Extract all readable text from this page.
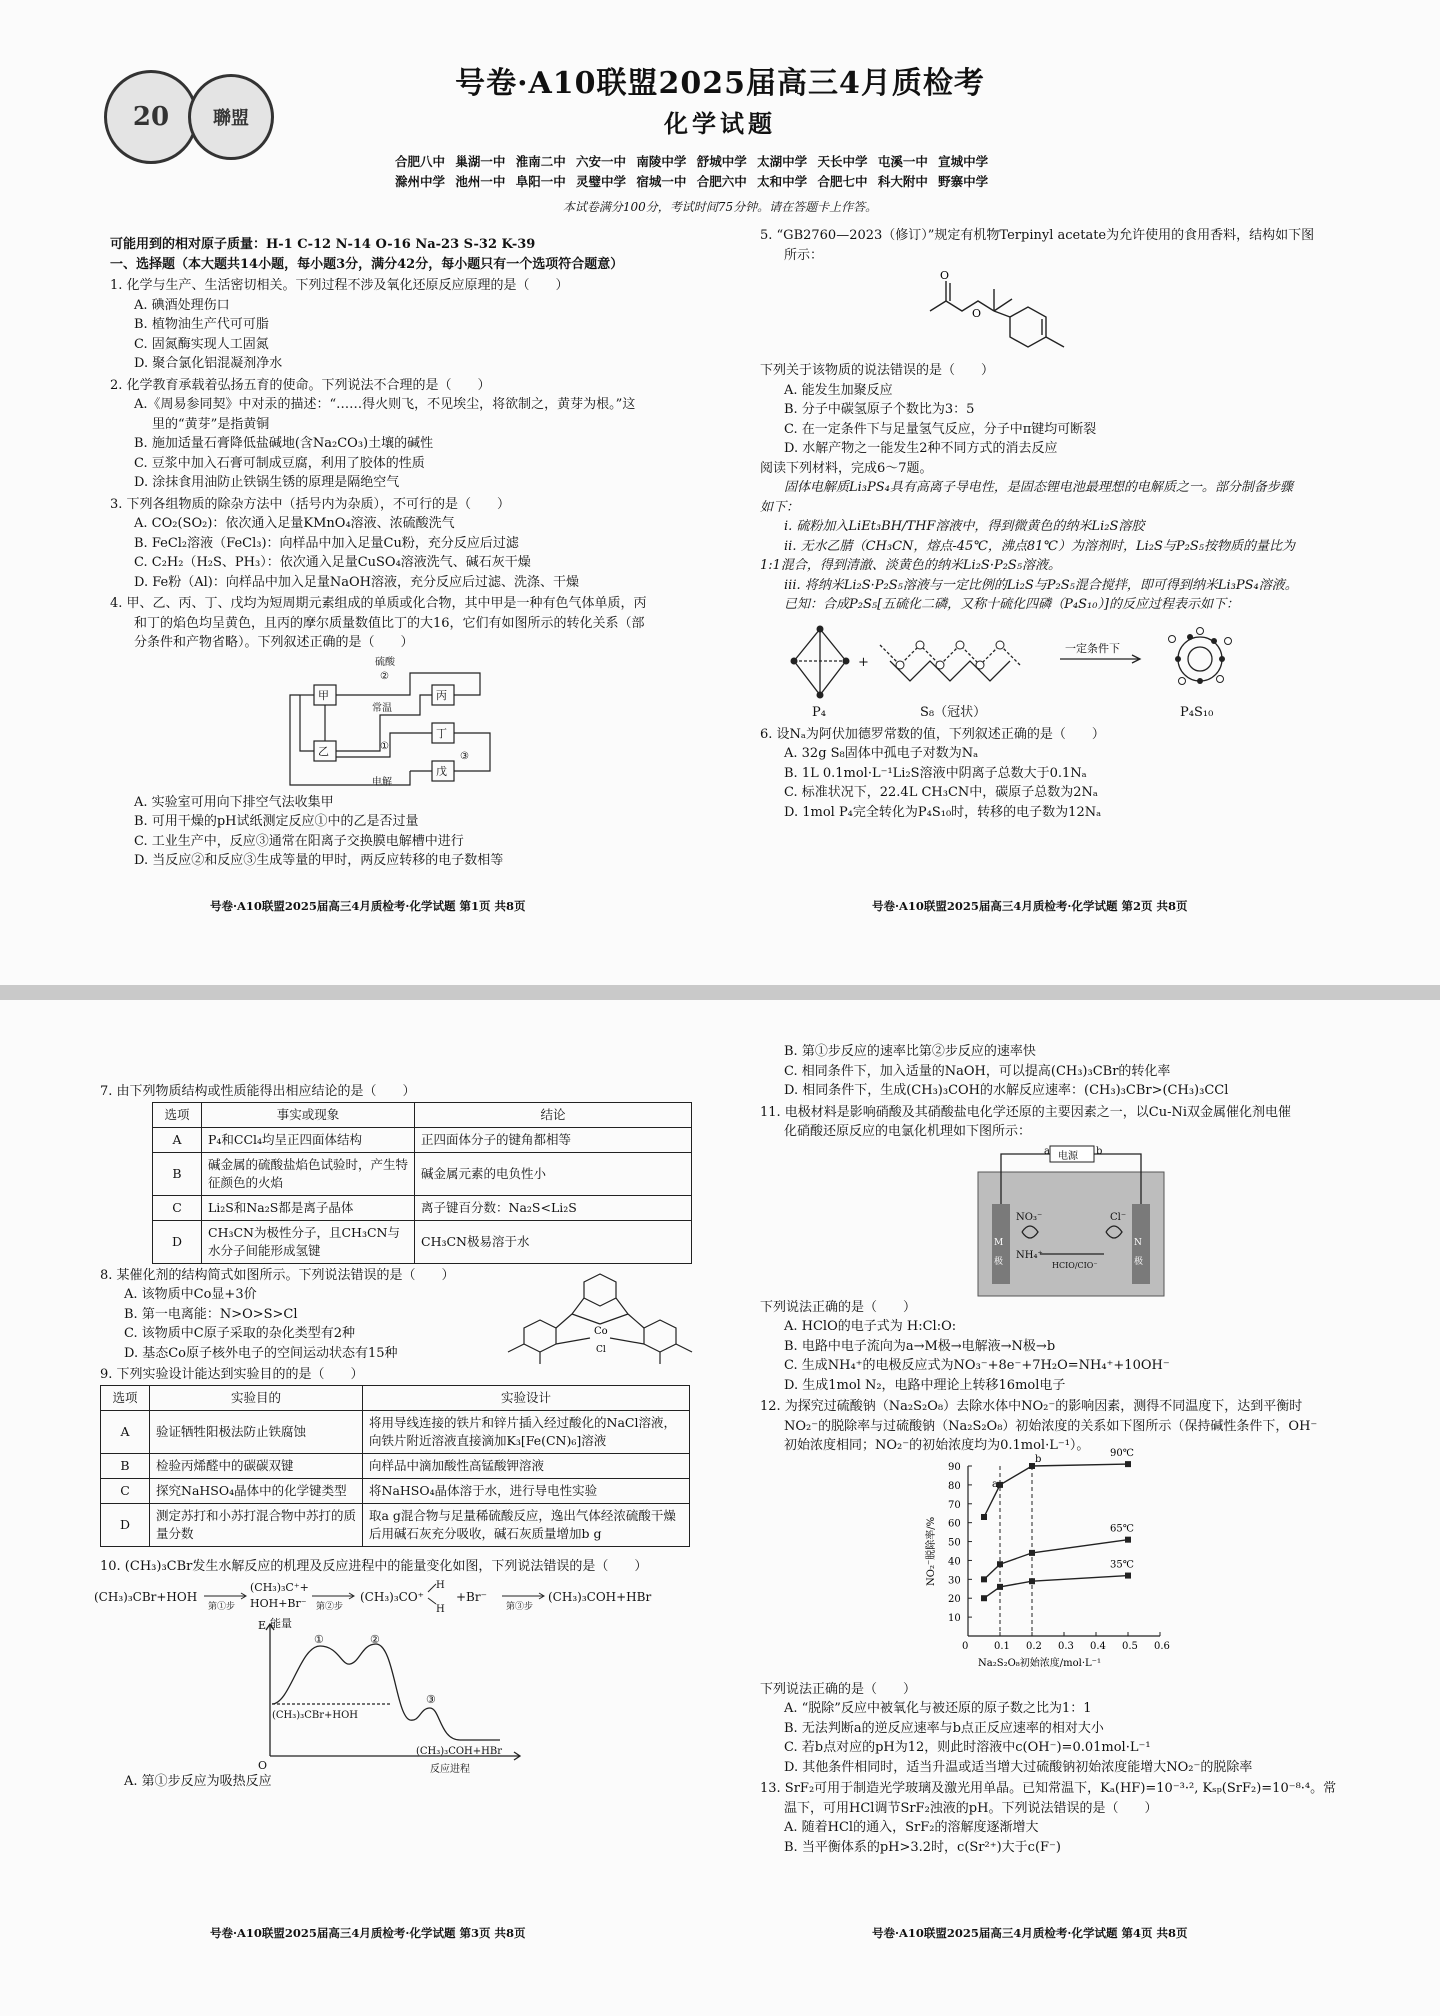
20 聯盟
号卷·A10联盟2025届高三4月质检考
化学试题
合肥八中 巢湖一中 淮南二中 六安一中 南陵中学 舒城中学 太湖中学 天长中学 屯溪一中 宣城中学
滁州中学 池州一中 阜阳一中 灵璧中学 宿城一中 合肥六中 太和中学 合肥七中 科大附中 野寨中学
本试卷满分100分，考试时间75分钟。请在答题卡上作答。

可能用到的相对原子质量：H-1 C-12 N-14 O-16 Na-23 S-32 K-39

一、选择题（本大题共14小题，每小题3分，满分42分，每小题只有一个选项符合题意）

1. 化学与生产、生活密切相关。下列过程不涉及氧化还原反应原理的是（　　）

A. 碘酒处理伤口

B. 植物油生产代可可脂

C. 固氮酶实现人工固氮

D. 聚合氯化铝混凝剂净水

2. 化学教育承载着弘扬五育的使命。下列说法不合理的是（　　）

A.《周易参同契》中对汞的描述：“……得火则飞，不见埃尘，将欲制之，黄芽为根。”这

里的“黄芽”是指黄铜

B. 施加适量石膏降低盐碱地(含Na₂CO₃)土壤的碱性

C. 豆浆中加入石膏可制成豆腐，利用了胶体的性质

D. 涂抹食用油防止铁锅生锈的原理是隔绝空气

3. 下列各组物质的除杂方法中（括号内为杂质），不可行的是（　　）

A. CO₂(SO₂)：依次通入足量KMnO₄溶液、浓硫酸洗气

B. FeCl₂溶液（FeCl₃)：向样品中加入足量Cu粉，充分反应后过滤

C. C₂H₂（H₂S、PH₃）：依次通入足量CuSO₄溶液洗气、碱石灰干燥

D. Fe粉（Al)：向样品中加入足量NaOH溶液，充分反应后过滤、洗涤、干燥

4. 甲、乙、丙、丁、戊均为短周期元素组成的单质或化合物，其中甲是一种有色气体单质，丙

和丁的焰色均呈黄色，且丙的摩尔质量数值比丁的大16，它们有如图所示的转化关系（部

分条件和产物省略）。下列叙述正确的是（　　）

甲
乙
丙
丁
戊
硫酸
②
常温
①
电解
③

A. 实验室可用向下排空气法收集甲

B. 可用干燥的pH试纸测定反应①中的乙是否过量

C. 工业生产中，反应③通常在阳离子交换膜电解槽中进行

D. 当反应②和反应③生成等量的甲时，两反应转移的电子数相等

5. “GB2760—2023（修订）”规定有机物Terpinyl acetate为允许使用的食用香料，结构如下图

所示：

O
O

下列关于该物质的说法错误的是（　　）

A. 能发生加聚反应

B. 分子中碳氢原子个数比为3：5

C. 在一定条件下与足量氢气反应，分子中π键均可断裂

D. 水解产物之一能发生2种不同方式的消去反应

阅读下列材料，完成6～7题。

固体电解质Li₃PS₄具有高离子导电性，是固态锂电池最理想的电解质之一。部分制备步骤

如下：

i. 硫粉加入LiEt₃BH/THF溶液中，得到微黄色的纳米Li₂S溶胶

ii. 无水乙腈（CH₃CN，熔点-45℃，沸点81℃）为溶剂时，Li₂S与P₂S₅按物质的量比为

1:1混合，得到清澈、淡黄色的纳米Li₂S·P₂S₅溶液。

iii. 将纳米Li₂S·P₂S₅溶液与一定比例的Li₂S与P₂S₅混合搅拌，即可得到纳米Li₃PS₄溶液。

已知：合成P₂S₅[五硫化二磷，又称十硫化四磷（P₄S₁₀）]的反应过程表示如下：

P₄
+
S₈（冠状）
一定条件下
P₄S₁₀

6. 设Nₐ为阿伏加德罗常数的值，下列叙述正确的是（　　）

A. 32g S₈固体中孤电子对数为Nₐ

B. 1L 0.1mol·L⁻¹Li₂S溶液中阴离子总数大于0.1Nₐ

C. 标准状况下，22.4L CH₃CN中，碳原子总数为2Nₐ

D. 1mol P₄完全转化为P₄S₁₀时，转移的电子数为12Nₐ

号卷·A10联盟2025届高三4月质检考·化学试题 第1页 共8页	号卷·A10联盟2025届高三4月质检考·化学试题 第2页 共8页

7. 由下列物质结构或性质能得出相应结论的是（　　）

选项	事实或现象	结论
A	P₄和CCl₄均呈正四面体结构	正四面体分子的键角都相等
B	碱金属的硫酸盐焰色试验时，产生特征颜色的火焰	碱金属元素的电负性小
C	Li₂S和Na₂S都是离子晶体	离子键百分数：Na₂S<Li₂S
D	CH₃CN为极性分子，且CH₃CN与水分子间能形成氢键	CH₃CN极易溶于水

8. 某催化剂的结构简式如图所示。下列说法错误的是（　　）

A. 该物质中Co显+3价

B. 第一电离能：N>O>S>Cl

C. 该物质中C原子采取的杂化类型有2种

D. 基态Co原子核外电子的空间运动状态有15种

Co
Cl

9. 下列实验设计能达到实验目的的是（　　）

选项	实验目的	实验设计
A	验证牺牲阳极法防止铁腐蚀	将用导线连接的铁片和锌片插入经过酸化的NaCl溶液，向铁片附近溶液直接滴加K₃[Fe(CN)₆]溶液
B	检验丙烯醛中的碳碳双键	向样品中滴加酸性高锰酸钾溶液
C	探究NaHSO₄晶体中的化学键类型	将NaHSO₄晶体溶于水，进行导电性实验
D	测定苏打和小苏打混合物中苏打的质量分数	取a g混合物与足量稀硫酸反应，逸出气体经浓硫酸干燥后用碱石灰充分吸收，碱石灰质量增加b g

10. (CH₃)₃CBr发生水解反应的机理及反应进程中的能量变化如图，下列说法错误的是（　　）

(CH₃)₃CBr+HOH
第①步
(CH₃)₃C⁺+
HOH+Br⁻ 第②步
(CH₃)₃CO⁺
H
H
+Br⁻
第③步
(CH₃)₃COH+HBr
E 能量
O
①	②
③
(CH₃)₃CBr+HOH
(CH₃)₃COH+HBr
反应进程

A. 第①步反应为吸热反应

B. 第①步反应的速率比第②步反应的速率快

C. 相同条件下，加入适量的NaOH，可以提高(CH₃)₃CBr的转化率

D. 相同条件下，生成(CH₃)₃COH的水解反应速率：(CH₃)₃CBr>(CH₃)₃CCl

11. 电极材料是影响硝酸及其硝酸盐电化学还原的主要因素之一，以Cu-Ni双金属催化剂电催

化硝酸还原反应的电氯化机理如下图所示：

a	b
电源
M极
N极
NO₃⁻
NH₄⁺
Cl⁻
HCIO/CIO⁻

下列说法正确的是（　　）

A. HClO的电子式为 H:Cl:O:

B. 电路中电子流向为a→M极→电解液→N极→b

C. 生成NH₄⁺的电极反应式为NO₃⁻+8e⁻+7H₂O=NH₄⁺+10OH⁻

D. 生成1mol N₂，电路中理论上转移16mol电子

12. 为探究过硫酸钠（Na₂S₂O₈）去除水体中NO₂⁻的影响因素，测得不同温度下，达到平衡时

NO₂⁻的脱除率与过硫酸钠（Na₂S₂O₈）初始浓度的关系如下图所示（保持碱性条件下，OH⁻

初始浓度相同；NO₂⁻的初始浓度均为0.1mol·L⁻¹）。

0	0.1 0.2 0.3 0.4 0.5 0.6
10
20
30
40
50
60
70
80
90
90℃
65℃
35℃
a
b
Na₂S₂O₈初始浓度/mol·L⁻¹
NO₂⁻脱除率/%

下列说法正确的是（　　）

A. “脱除”反应中被氧化与被还原的原子数之比为1：1

B. 无法判断a的逆反应速率与b点正反应速率的相对大小

C. 若b点对应的pH为12，则此时溶液中c(OH⁻)=0.01mol·L⁻¹

D. 其他条件相同时，适当升温或适当增大过硫酸钠初始浓度能增大NO₂⁻的脱除率

13. SrF₂可用于制造光学玻璃及激光用单晶。已知常温下，Kₐ(HF)=10⁻³·², Kₛₚ(SrF₂)=10⁻⁸·⁴。常

温下，可用HCl调节SrF₂浊液的pH。下列说法错误的是（　　）

A. 随着HCl的通入，SrF₂的溶解度逐渐增大

B. 当平衡体系的pH>3.2时，c(Sr²⁺)大于c(F⁻)

号卷·A10联盟2025届高三4月质检考·化学试题 第3页 共8页	号卷·A10联盟2025届高三4月质检考·化学试题 第4页 共8页
